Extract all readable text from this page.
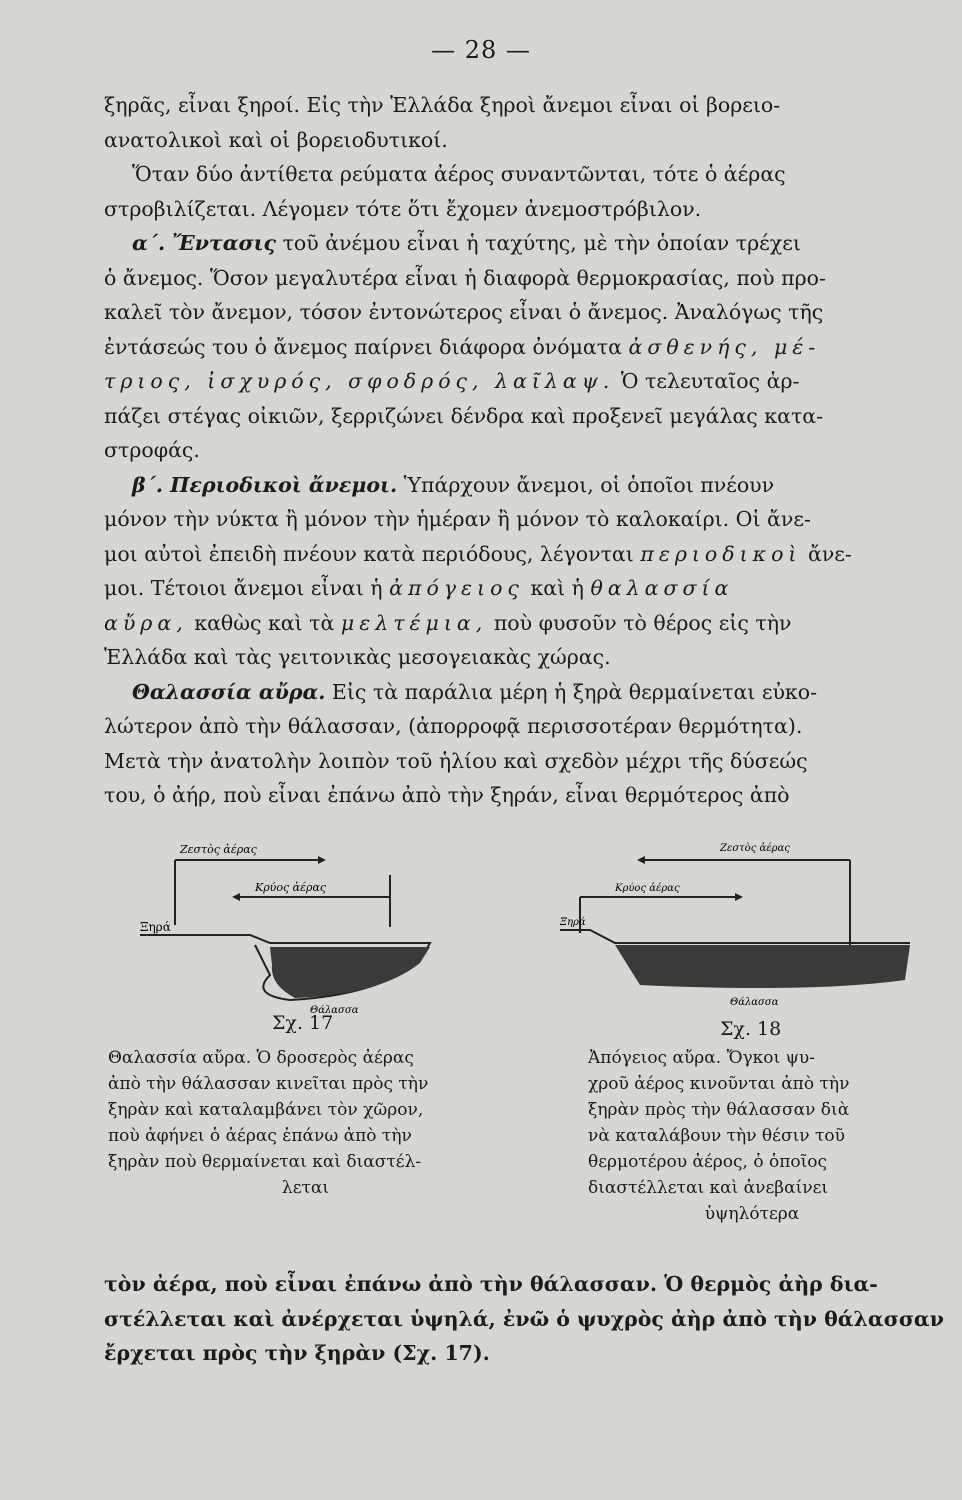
— 28 —
ξηρᾶς, εἶναι ξηροί. Εἰς τὴν Ἑλλάδα ξηροὶ ἄνεμοι εἶναι οἱ βορειο-
ανατολικοὶ καὶ οἱ βορειοδυτικοί.
Ὅταν δύο ἀντίθετα ρεύματα ἀέρος συναντῶνται, τότε ὁ ἀέρας
στροβιλίζεται. Λέγομεν τότε ὅτι ἔχομεν ἀνεμοστρόβιλον.
α΄. Ἔντασις τοῦ ἀνέμου εἶναι ἡ ταχύτης, μὲ τὴν ὁποίαν τρέχει
ὁ ἄνεμος. Ὅσον μεγαλυτέρα εἶναι ἡ διαφορὰ θερμοκρασίας, ποὺ προ-
καλεῖ τὸν ἄνεμον, τόσον ἐντονώτερος εἶναι ὁ ἄνεμος. Ἀναλόγως τῆς
ἐντάσεώς του ὁ ἄνεμος παίρνει διάφορα ὀνόματα ἀσθενής, μέ-
τριος, ἰσχυρός, σφοδρός, λαῖλαψ. Ὁ τελευταῖος ἁρ-
πάζει στέγας οἰκιῶν, ξερριζώνει δένδρα καὶ προξενεῖ μεγάλας κατα-
στροφάς.
β΄. Περιοδικοὶ ἄνεμοι. Ὑπάρχουν ἄνεμοι, οἱ ὁποῖοι πνέουν
μόνον τὴν νύκτα ἢ μόνον τὴν ἡμέραν ἢ μόνον τὸ καλοκαίρι. Οἱ ἄνε-
μοι αὐτοὶ ἐπειδὴ πνέουν κατὰ περιόδους, λέγονται περιοδικοὶ ἄνε-
μοι. Τέτοιοι ἄνεμοι εἶναι ἡ ἀπόγειος καὶ ἡ θαλασσία
αὔρα, καθὼς καὶ τὰ μελτέμια, ποὺ φυσοῦν τὸ θέρος εἰς τὴν
Ἑλλάδα καὶ τὰς γειτονικὰς μεσογειακὰς χώρας.
Θαλασσία αὔρα. Εἰς τὰ παράλια μέρη ἡ ξηρὰ θερμαίνεται εὐκο-
λώτερον ἀπὸ τὴν θάλασσαν, (ἀπορροφᾷ περισσοτέραν θερμότητα).
Μετὰ τὴν ἀνατολὴν λοιπὸν τοῦ ἡλίου καὶ σχεδὸν μέχρι τῆς δύσεώς
του, ὁ ἀήρ, ποὺ εἶναι ἐπάνω ἀπὸ τὴν ξηράν, εἶναι θερμότερος ἀπὸ
Ζεστὸς ἀέρας
Κρύος ἀέρας
Ξηρά
Θάλασσα
Σχ. 17
Ζεστὸς ἀέρας
Κρύος ἀέρας
Ξηρά
Θάλασσα
Σχ. 18
Θαλασσία αὔρα. Ὁ δροσερὸς ἀέρας
ἀπὸ τὴν θάλασσαν κινεῖται πρὸς τὴν
ξηρὰν καὶ καταλαμβάνει τὸν χῶρον,
ποὺ ἀφήνει ὁ ἀέρας ἐπάνω ἀπὸ τὴν
ξηρὰν ποὺ θερμαίνεται καὶ διαστέλ-
λεται
Ἀπόγειος αὔρα. Ὄγκοι ψυ-
χροῦ ἀέρος κινοῦνται ἀπὸ τὴν
ξηρὰν πρὸς τὴν θάλασσαν διὰ
νὰ καταλάβουν τὴν θέσιν τοῦ
θερμοτέρου ἀέρος, ὁ ὁποῖος
διαστέλλεται καὶ ἀνεβαίνει
ὑψηλότερα
τὸν ἀέρα, ποὺ εἶναι ἐπάνω ἀπὸ τὴν θάλασσαν. Ὁ θερμὸς ἀὴρ δια-
στέλλεται καὶ ἀνέρχεται ὑψηλά, ἐνῶ ὁ ψυχρὸς ἀὴρ ἀπὸ τὴν θάλασσαν
ἔρχεται πρὸς τὴν ξηρὰν (Σχ. 17).
